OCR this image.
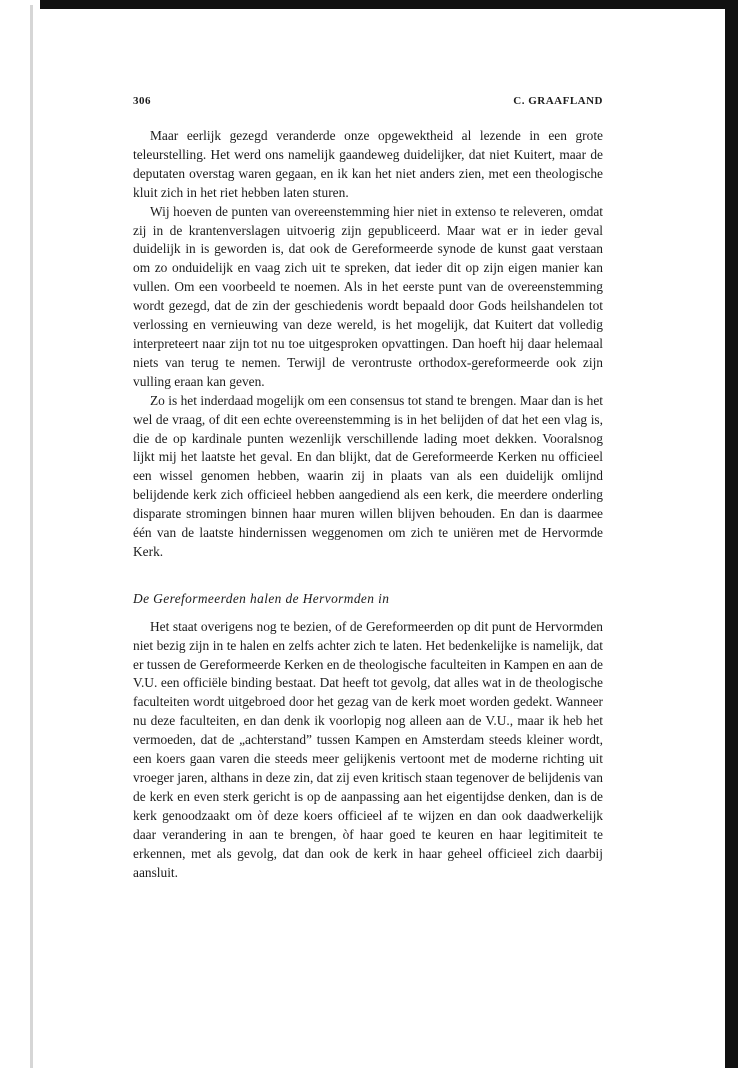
306	C. GRAAFLAND

Maar eerlijk gezegd veranderde onze opgewektheid al lezende in een grote teleurstelling. Het werd ons namelijk gaandeweg duidelijker, dat niet Kuitert, maar de deputaten overstag waren gegaan, en ik kan het niet anders zien, met een theologische kluit zich in het riet hebben laten sturen.

Wij hoeven de punten van overeenstemming hier niet in extenso te releveren, omdat zij in de krantenverslagen uitvoerig zijn gepubliceerd. Maar wat er in ieder geval duidelijk in is geworden is, dat ook de Gereformeerde synode de kunst gaat verstaan om zo onduidelijk en vaag zich uit te spreken, dat ieder dit op zijn eigen manier kan vullen. Om een voorbeeld te noemen. Als in het eerste punt van de overeenstemming wordt gezegd, dat de zin der geschiedenis wordt bepaald door Gods heilshandelen tot verlossing en vernieuwing van deze wereld, is het mogelijk, dat Kuitert dat volledig interpreteert naar zijn tot nu toe uitgesproken opvattingen. Dan hoeft hij daar helemaal niets van terug te nemen. Terwijl de verontruste orthodox-gereformeerde ook zijn vulling eraan kan geven.

Zo is het inderdaad mogelijk om een consensus tot stand te brengen. Maar dan is het wel de vraag, of dit een echte overeenstemming is in het belijden of dat het een vlag is, die de op kardinale punten wezenlijk verschillende lading moet dekken. Vooralsnog lijkt mij het laatste het geval. En dan blijkt, dat de Gereformeerde Kerken nu officieel een wissel genomen hebben, waarin zij in plaats van als een duidelijk omlijnd belijdende kerk zich officieel hebben aangediend als een kerk, die meerdere onderling disparate stromingen binnen haar muren willen blijven behouden. En dan is daarmee één van de laatste hindernissen weggenomen om zich te uniëren met de Hervormde Kerk.

De Gereformeerden halen de Hervormden in

Het staat overigens nog te bezien, of de Gereformeerden op dit punt de Hervormden niet bezig zijn in te halen en zelfs achter zich te laten. Het bedenkelijke is namelijk, dat er tussen de Gereformeerde Kerken en de theologische faculteiten in Kampen en aan de V.U. een officiële binding bestaat. Dat heeft tot gevolg, dat alles wat in de theologische faculteiten wordt uitgebroed door het gezag van de kerk moet worden gedekt. Wanneer nu deze faculteiten, en dan denk ik voorlopig nog alleen aan de V.U., maar ik heb het vermoeden, dat de „achterstand” tussen Kampen en Amsterdam steeds kleiner wordt, een koers gaan varen die steeds meer gelijkenis vertoont met de moderne richting uit vroeger jaren, althans in deze zin, dat zij even kritisch staan tegenover de belijdenis van de kerk en even sterk gericht is op de aanpassing aan het eigentijdse denken, dan is de kerk genoodzaakt om òf deze koers officieel af te wijzen en dan ook daadwerkelijk daar verandering in aan te brengen, òf haar goed te keuren en haar legitimiteit te erkennen, met als gevolg, dat dan ook de kerk in haar geheel officieel zich daarbij aansluit.
